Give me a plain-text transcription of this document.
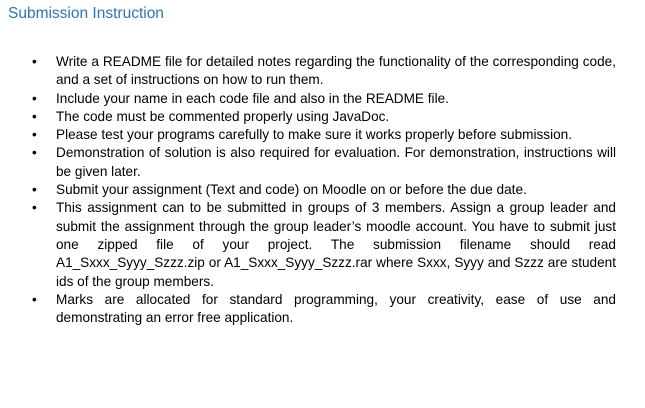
Submission Instruction
• Write a README file for detailed notes regarding the functionality of the corresponding code, and a set of instructions on how to run them.
• Include your name in each code file and also in the README file.
• The code must be commented properly using JavaDoc.
• Please test your programs carefully to make sure it works properly before submission.
• Demonstration of solution is also required for evaluation. For demonstration, instructions will be given later.
• Submit your assignment (Text and code) on Moodle on or before the due date.
• This assignment can to be submitted in groups of 3 members. Assign a group leader and submit the assignment through the group leader’s moodle account. You have to submit just one zipped file of your project. The submission filename should read A1_Sxxx_Syyy_Szzz.zip or A1_Sxxx_Syyy_Szzz.rar where Sxxx, Syyy and Szzz are student ids of the group members.
• Marks are allocated for standard programming, your creativity, ease of use and demonstrating an error free application.
